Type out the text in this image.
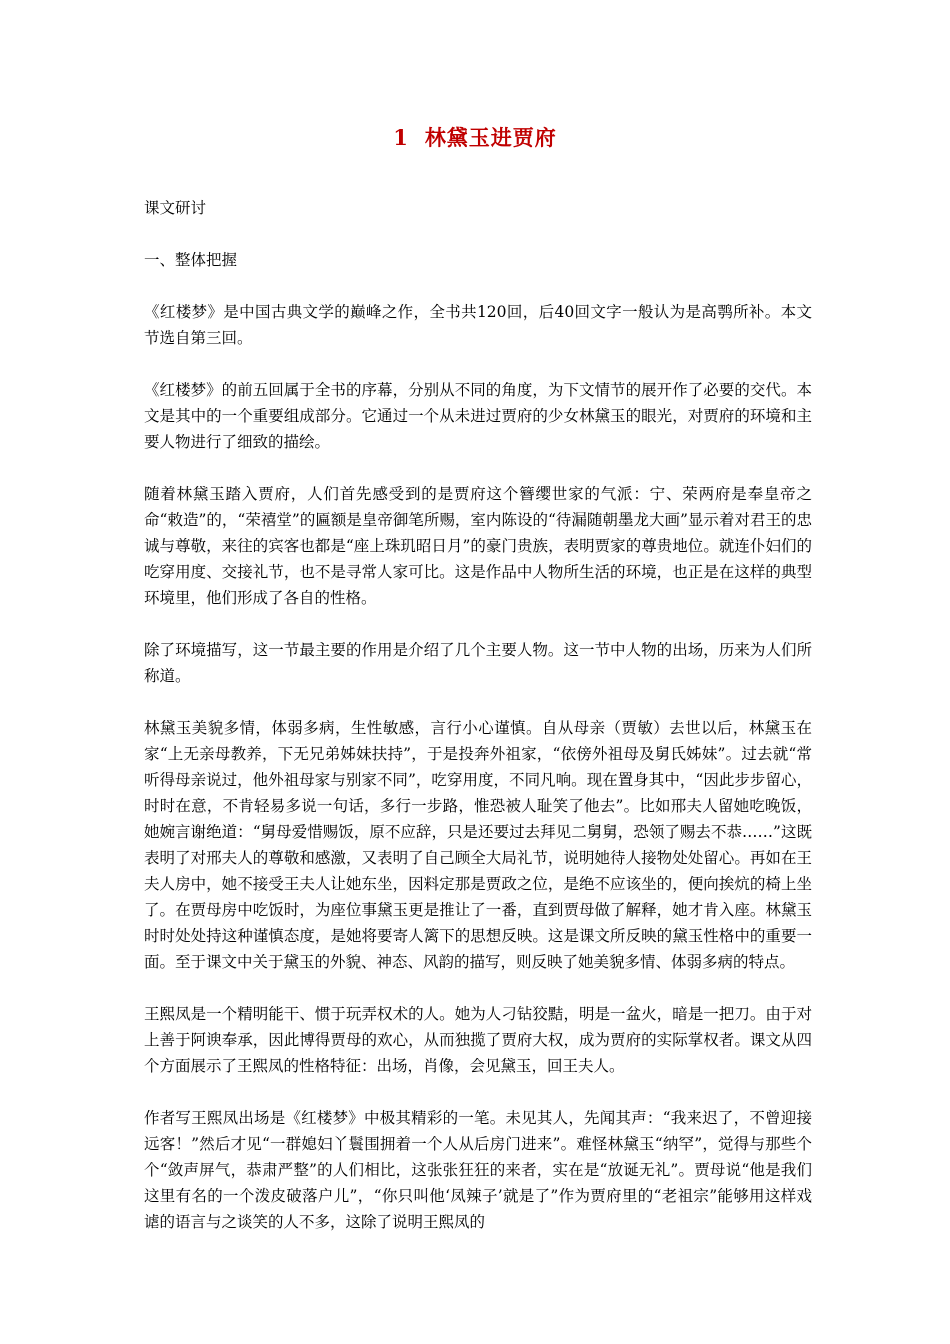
1 林黛玉进贾府

课文研讨

一、整体把握

《红楼梦》是中国古典文学的巅峰之作，全书共120回，后40回文字一般认为是高鹗所补。本文节选自第三回。

《红楼梦》的前五回属于全书的序幕，分别从不同的角度，为下文情节的展开作了必要的交代。本文是其中的一个重要组成部分。它通过一个从未进过贾府的少女林黛玉的眼光，对贾府的环境和主要人物进行了细致的描绘。

随着林黛玉踏入贾府，人们首先感受到的是贾府这个簪缨世家的气派：宁、荣两府是奉皇帝之命“敕造”的，“荣禧堂”的匾额是皇帝御笔所赐，室内陈设的“待漏随朝墨龙大画”显示着对君王的忠诚与尊敬，来往的宾客也都是“座上珠玑昭日月”的豪门贵族，表明贾家的尊贵地位。就连仆妇们的吃穿用度、交接礼节，也不是寻常人家可比。这是作品中人物所生活的环境，也正是在这样的典型环境里，他们形成了各自的性格。

除了环境描写，这一节最主要的作用是介绍了几个主要人物。这一节中人物的出场，历来为人们所称道。

林黛玉美貌多情，体弱多病，生性敏感，言行小心谨慎。自从母亲（贾敏）去世以后，林黛玉在家“上无亲母教养，下无兄弟姊妹扶持”，于是投奔外祖家，“依傍外祖母及舅氏姊妹”。过去就“常听得母亲说过，他外祖母家与别家不同”，吃穿用度，不同凡响。现在置身其中，“因此步步留心，时时在意，不肯轻易多说一句话，多行一步路，惟恐被人耻笑了他去”。比如邢夫人留她吃晚饭，她婉言谢绝道：“舅母爱惜赐饭，原不应辞，只是还要过去拜见二舅舅，恐领了赐去不恭……”这既表明了对邢夫人的尊敬和感激，又表明了自己顾全大局礼节，说明她待人接物处处留心。再如在王夫人房中，她不接受王夫人让她东坐，因料定那是贾政之位，是绝不应该坐的，便向挨炕的椅上坐了。在贾母房中吃饭时，为座位事黛玉更是推让了一番，直到贾母做了解释，她才肯入座。林黛玉时时处处持这种谨慎态度，是她将要寄人篱下的思想反映。这是课文所反映的黛玉性格中的重要一面。至于课文中关于黛玉的外貌、神态、风韵的描写，则反映了她美貌多情、体弱多病的特点。

王熙凤是一个精明能干、惯于玩弄权术的人。她为人刁钻狡黠，明是一盆火，暗是一把刀。由于对上善于阿谀奉承，因此博得贾母的欢心，从而独揽了贾府大权，成为贾府的实际掌权者。课文从四个方面展示了王熙凤的性格特征：出场，肖像，会见黛玉，回王夫人。

作者写王熙凤出场是《红楼梦》中极其精彩的一笔。未见其人，先闻其声：“我来迟了，不曾迎接远客！”然后才见“一群媳妇丫鬟围拥着一个人从后房门进来”。难怪林黛玉“纳罕”，觉得与那些个个“敛声屏气，恭肃严整”的人们相比，这张张狂狂的来者，实在是“放诞无礼”。贾母说“他是我们这里有名的一个泼皮破落户儿”，“你只叫他‘凤辣子’就是了”作为贾府里的“老祖宗”能够用这样戏谑的语言与之谈笑的人不多，这除了说明王熙凤的
